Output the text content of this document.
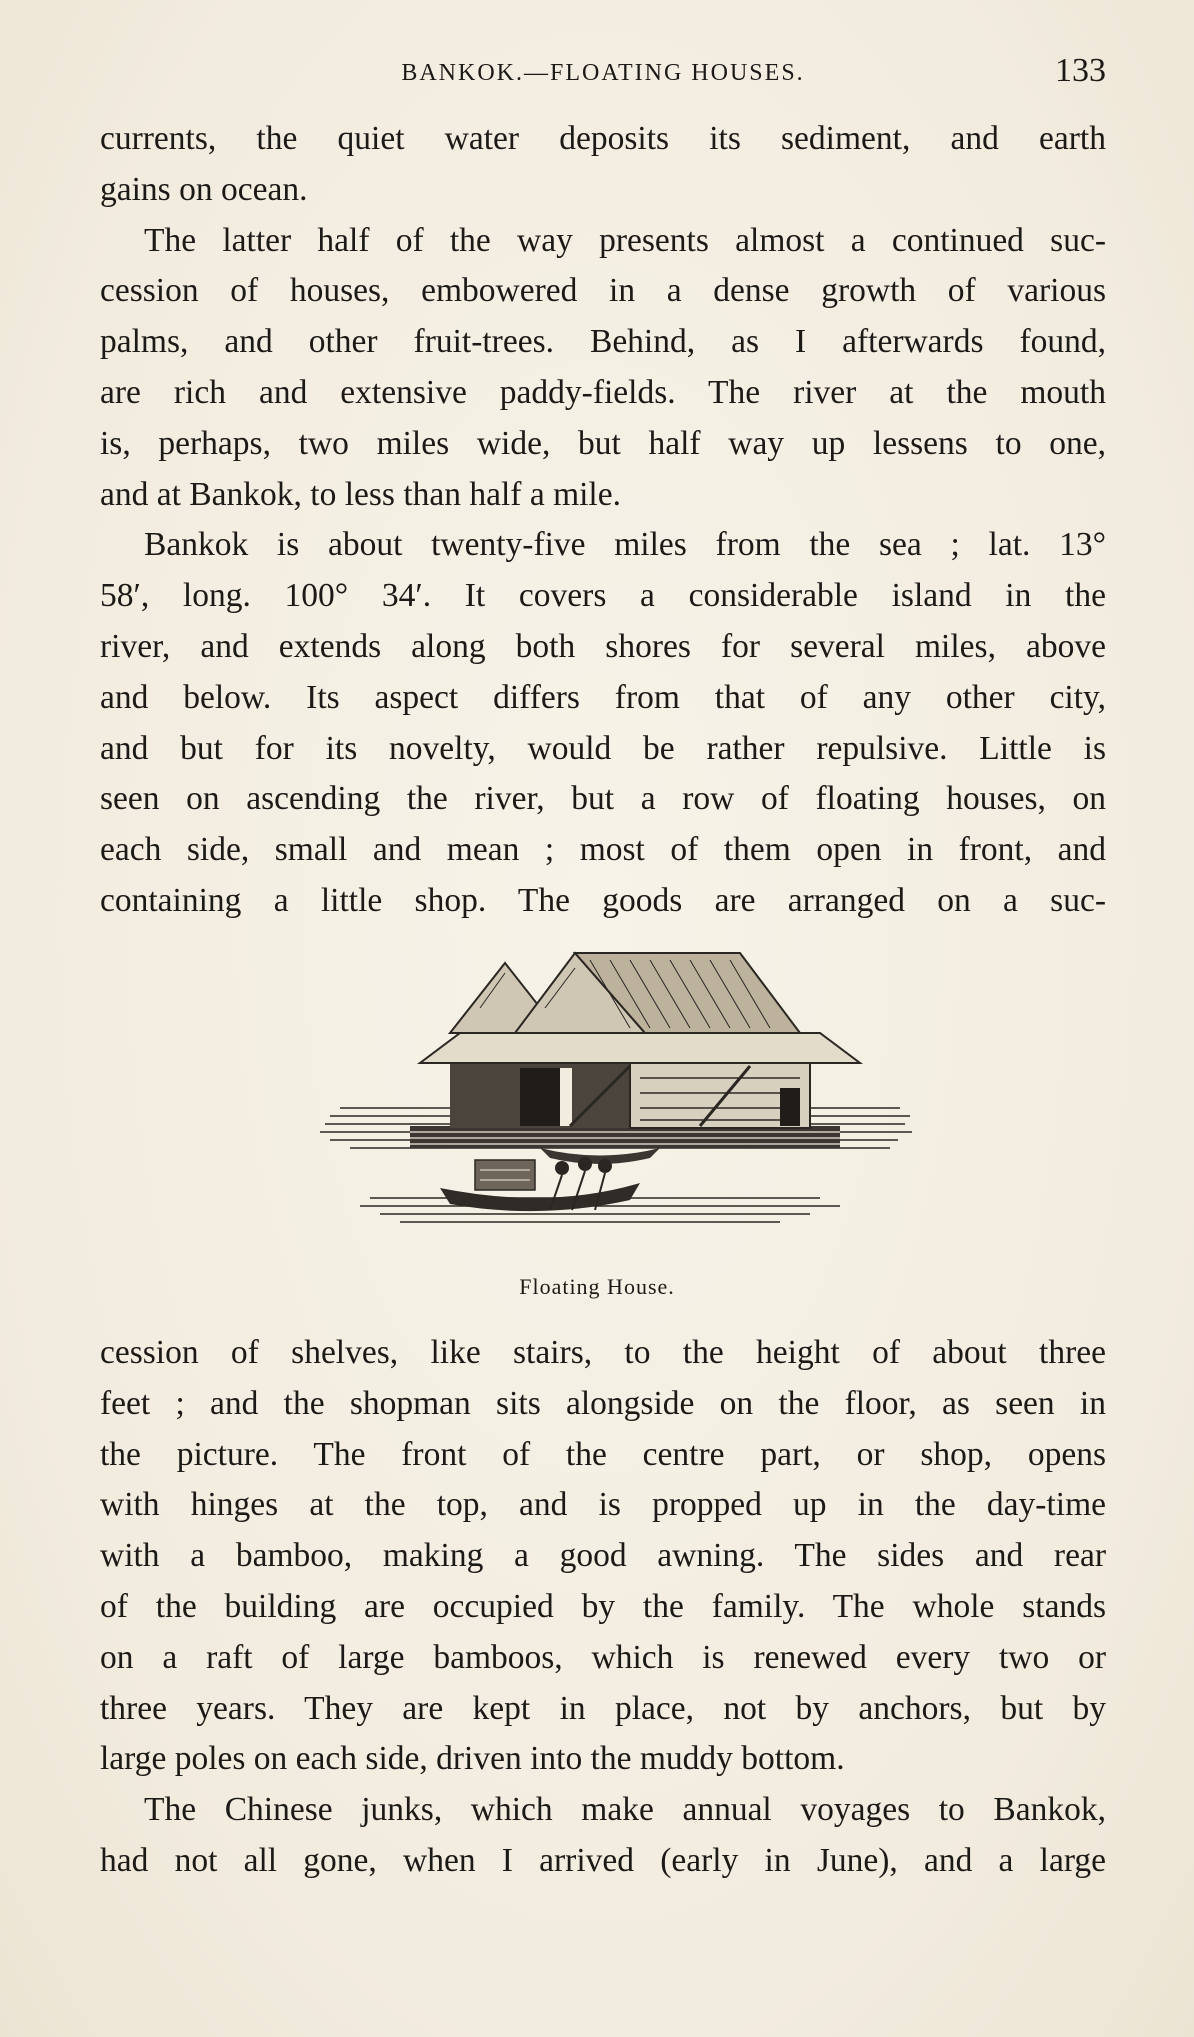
BANKOK.—FLOATING HOUSES.	133
currents, the quiet water deposits its sediment, and earth
gains on ocean.
The latter half of the way presents almost a continued suc-
cession of houses, embowered in a dense growth of various
palms, and other fruit-trees. Behind, as I afterwards found,
are rich and extensive paddy-fields. The river at the mouth
is, perhaps, two miles wide, but half way up lessens to one,
and at Bankok, to less than half a mile.
Bankok is about twenty-five miles from the sea ; lat. 13°
58′, long. 100° 34′. It covers a considerable island in the
river, and extends along both shores for several miles, above
and below. Its aspect differs from that of any other city,
and but for its novelty, would be rather repulsive. Little is
seen on ascending the river, but a row of floating houses, on
each side, small and mean ; most of them open in front, and
containing a little shop. The goods are arranged on a suc-
Floating House.
cession of shelves, like stairs, to the height of about three
feet ; and the shopman sits alongside on the floor, as seen in
the picture. The front of the centre part, or shop, opens
with hinges at the top, and is propped up in the day-time
with a bamboo, making a good awning. The sides and rear
of the building are occupied by the family. The whole stands
on a raft of large bamboos, which is renewed every two or
three years. They are kept in place, not by anchors, but by
large poles on each side, driven into the muddy bottom.
The Chinese junks, which make annual voyages to Bankok,
had not all gone, when I arrived (early in June), and a large
